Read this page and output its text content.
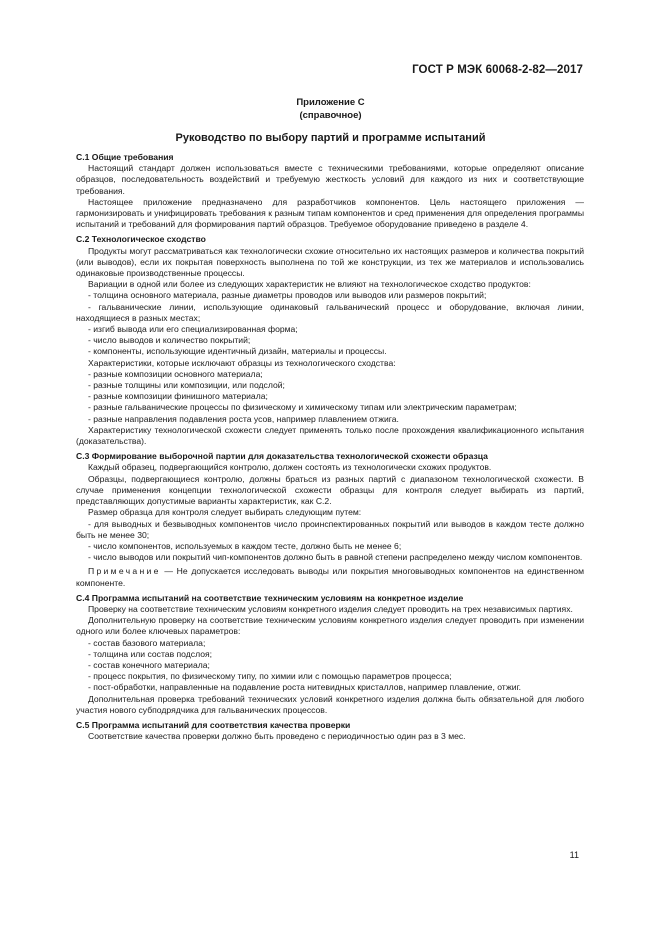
ГОСТ Р МЭК 60068-2-82—2017
Приложение С
(справочное)
Руководство по выбору партий и программе испытаний

С.1 Общие требования

Настоящий стандарт должен использоваться вместе с техническими требованиями, которые определяют описание образцов, последовательность воздействий и требуемую жесткость условий для каждого из них и соответствующие требования.

Настоящее приложение предназначено для разработчиков компонентов. Цель настоящего приложения — гармонизировать и унифицировать требования к разным типам компонентов и сред применения для определения программы испытаний и требований для формирования партий образцов. Требуемое оборудование приведено в разделе 4.

С.2 Технологическое сходство

Продукты могут рассматриваться как технологически схожие относительно их настоящих размеров и количества покрытий (или выводов), если их покрытая поверхность выполнена по той же конструкции, из тех же материалов и использовались одинаковые производственные процессы.

Вариации в одной или более из следующих характеристик не влияют на технологическое сходство продуктов:

- толщина основного материала, разные диаметры проводов или выводов или размеров покрытий;

- гальванические линии, использующие одинаковый гальванический процесс и оборудование, включая линии, находящиеся в разных местах;

- изгиб вывода или его специализированная форма;

- число выводов и количество покрытий;

- компоненты, использующие идентичный дизайн, материалы и процессы.

Характеристики, которые исключают образцы из технологического сходства:

- разные композиции основного материала;

- разные толщины или композиции, или подслой;

- разные композиции финишного материала;

- разные гальванические процессы по физическому и химическому типам или электрическим параметрам;

- разные направления подавления роста усов, например плавлением отжига.

Характеристику технологической схожести следует применять только после прохождения квалификационного испытания (доказательства).

С.3 Формирование выборочной партии для доказательства технологической схожести образца

Каждый образец, подвергающийся контролю, должен состоять из технологически схожих продуктов.

Образцы, подвергающиеся контролю, должны браться из разных партий с диапазоном технологической схожести. В случае применения концепции технологической схожести образцы для контроля следует выбирать из партий, представляющих допустимые варианты характеристик, как С.2.

Размер образца для контроля следует выбирать следующим путем:

- для выводных и безвыводных компонентов число проинспектированных покрытий или выводов в каждом тесте должно быть не менее 30;

- число компонентов, используемых в каждом тесте, должно быть не менее 6;

- число выводов или покрытий чип-компонентов должно быть в равной степени распределено между числом компонентов.

Примечание — Не допускается исследовать выводы или покрытия многовыводных компонентов на единственном компоненте.

С.4 Программа испытаний на соответствие техническим условиям на конкретное изделие

Проверку на соответствие техническим условиям конкретного изделия следует проводить на трех независимых партиях.

Дополнительную проверку на соответствие техническим условиям конкретного изделия следует проводить при изменении одного или более ключевых параметров:

- состав базового материала;

- толщина или состав подслоя;

- состав конечного материала;

- процесс покрытия, по физическому типу, по химии или с помощью параметров процесса;

- пост-обработки, направленные на подавление роста нитевидных кристаллов, например плавление, отжиг.

Дополнительная проверка требований технических условий конкретного изделия должна быть обязательной для любого участия нового субподрядчика для гальванических процессов.

С.5 Программа испытаний для соответствия качества проверки

Соответствие качества проверки должно быть проведено с периодичностью один раз в 3 мес.

11
